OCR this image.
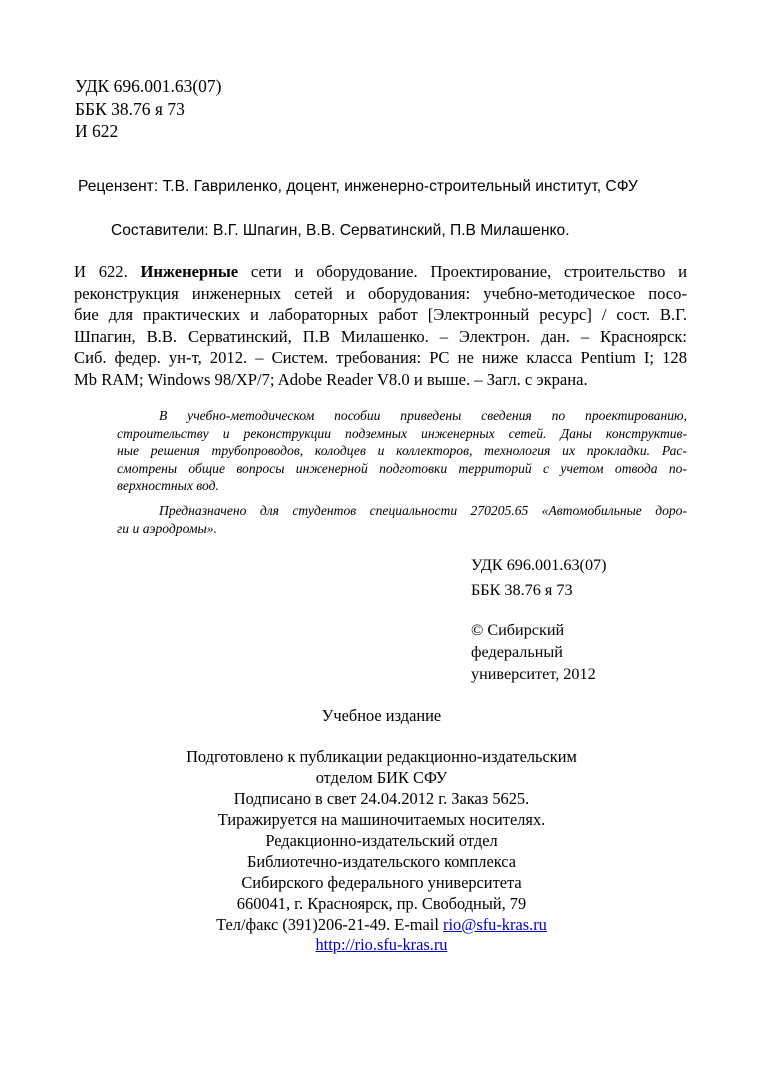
УДК 696.001.63(07)
ББК 38.76 я 73
И 622
Рецензент: Т.В. Гавриленко, доцент, инженерно-строительный институт, СФУ
Составители: В.Г. Шпагин, В.В. Серватинский, П.В Милашенко.
И 622. Инженерные сети и оборудование. Проектирование, строительство и
реконструкция инженерных сетей и оборудования: учебно-методическое посо-
бие для практических и лабораторных работ [Электронный ресурс] / сост. В.Г.
Шпагин, В.В. Серватинский, П.В Милашенко. – Электрон. дан. – Красноярск:
Сиб. федер. ун-т, 2012. – Систем. требования: PC не ниже класса Pentium I; 128
Mb RAM; Windows 98/XP/7; Adobe Reader V8.0 и выше. – Загл. с экрана.
В учебно-методическом пособии приведены сведения по проектированию,
строительству и реконструкции подземных инженерных сетей. Даны конструктив-
ные решения трубопроводов, колодцев и коллекторов, технология их прокладки. Рас-
смотрены общие вопросы инженерной подготовки территорий с учетом отвода по-
верхностных вод.
Предназначено для студентов специальности 270205.65 «Автомобильные доро-
ги и аэродромы».
УДК 696.001.63(07)
ББК 38.76 я 73
© Сибирский
федеральный
университет, 2012
Учебное издание
Подготовлено к публикации редакционно-издательским
отделом БИК СФУ
Подписано в свет 24.04.2012 г. Заказ 5625.
Тиражируется на машиночитаемых носителях.
Редакционно-издательский отдел
Библиотечно-издательского комплекса
Сибирского федерального университета
660041, г. Красноярск, пр. Свободный, 79
Тел/факс (391)206-21-49. E-mail rio@sfu-kras.ru
http://rio.sfu-kras.ru
